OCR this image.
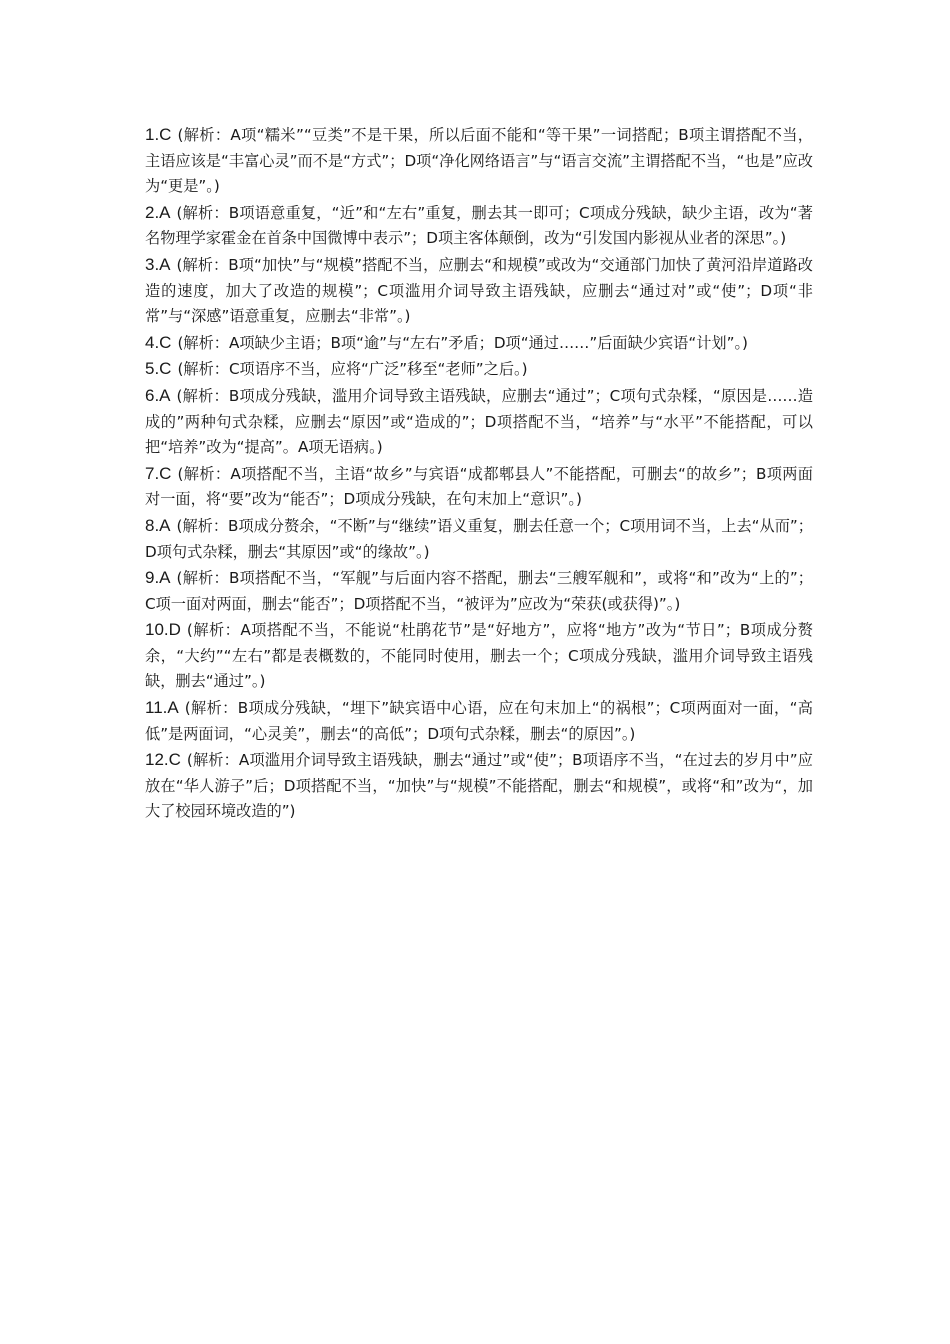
1.C (解析：A项“糯米”“豆类”不是干果，所以后面不能和“等干果”一词搭配；B项主谓搭配不当，主语应该是“丰富心灵”而不是“方式”；D项“净化网络语言”与“语言交流”主谓搭配不当，“也是”应改为“更是”。)

2.A (解析：B项语意重复，“近”和“左右”重复，删去其一即可；C项成分残缺，缺少主语，改为“著名物理学家霍金在首条中国微博中表示”；D项主客体颠倒，改为“引发国内影视从业者的深思”。)

3.A (解析：B项“加快”与“规模”搭配不当，应删去“和规模”或改为“交通部门加快了黄河沿岸道路改造的速度，加大了改造的规模”；C项滥用介词导致主语残缺，应删去“通过对”或“使”；D项“非常”与“深感”语意重复，应删去“非常”。)

4.C (解析：A项缺少主语；B项“逾”与“左右”矛盾；D项“通过……”后面缺少宾语“计划”。)

5.C (解析：C项语序不当，应将“广泛”移至“老师”之后。)

6.A (解析：B项成分残缺，滥用介词导致主语残缺，应删去“通过”；C项句式杂糅，“原因是……造成的”两种句式杂糅，应删去“原因”或“造成的”；D项搭配不当，“培养”与“水平”不能搭配，可以把“培养”改为“提高”。A项无语病。)

7.C (解析：A项搭配不当，主语“故乡”与宾语“成都郫县人”不能搭配，可删去“的故乡”；B项两面对一面，将“要”改为“能否”；D项成分残缺，在句末加上“意识”。)

8.A (解析：B项成分赘余，“不断”与“继续”语义重复，删去任意一个；C项用词不当，上去“从而”；D项句式杂糅，删去“其原因”或“的缘故”。)

9.A (解析：B项搭配不当，“军舰”与后面内容不搭配，删去“三艘军舰和”，或将“和”改为“上的”；C项一面对两面，删去“能否”；D项搭配不当，“被评为”应改为“荣获(或获得)”。)

10.D (解析：A项搭配不当，不能说“杜鹃花节”是“好地方”，应将“地方”改为“节日”；B项成分赘余，“大约”“左右”都是表概数的，不能同时使用，删去一个；C项成分残缺，滥用介词导致主语残缺，删去“通过”。)

11.A (解析：B项成分残缺，“埋下”缺宾语中心语，应在句末加上“的祸根”；C项两面对一面，“高低”是两面词，“心灵美”，删去“的高低”；D项句式杂糅，删去“的原因”。)

12.C (解析：A项滥用介词导致主语残缺，删去“通过”或“使”；B项语序不当，“在过去的岁月中”应放在“华人游子”后；D项搭配不当，“加快”与“规模”不能搭配，删去“和规模”，或将“和”改为“，加大了校园环境改造的”)
